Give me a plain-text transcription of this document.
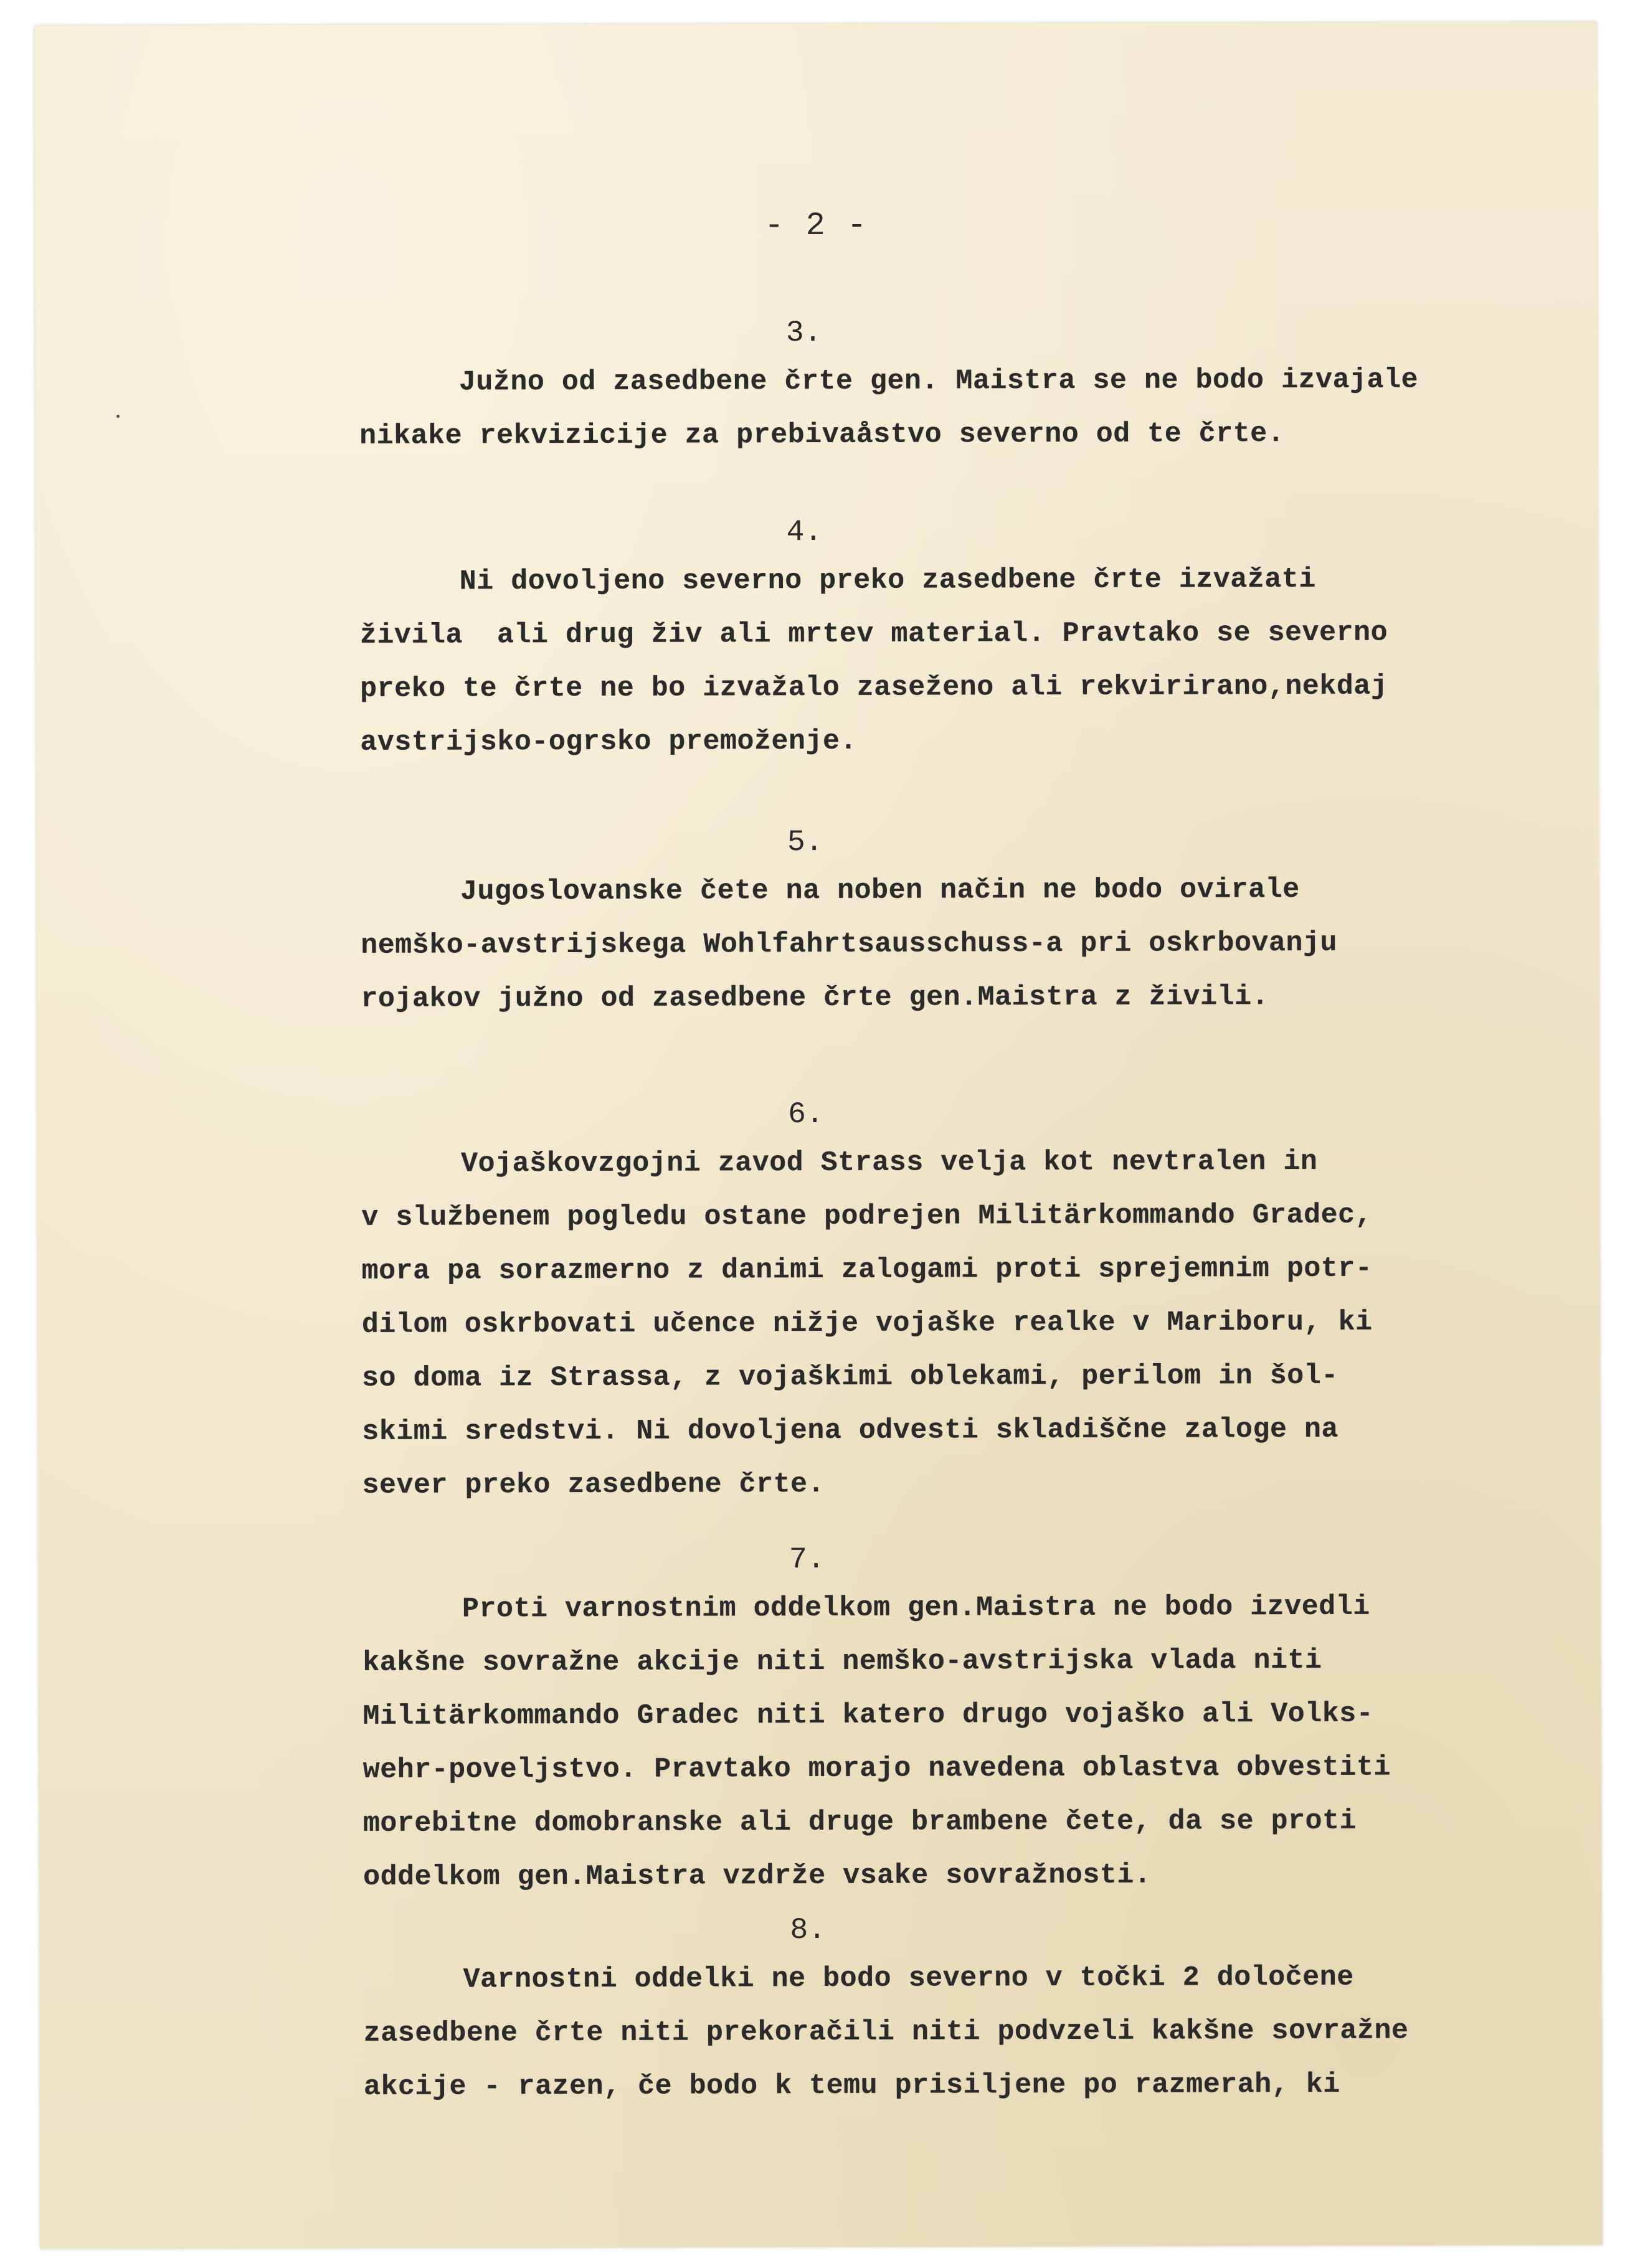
- 2 -
3.
Južno od zasedbene črte gen. Maistra se ne bodo izvajale
nikake rekvizicije za prebivaåstvo severno od te črte.
4.
Ni dovoljeno severno preko zasedbene črte izvažati
živila  ali drug živ ali mrtev material. Pravtako se severno
preko te črte ne bo izvažalo zaseženo ali rekvirirano,nekdaj
avstrijsko-ogrsko premoženje.
5.
Jugoslovanske čete na noben način ne bodo ovirale
nemško-avstrijskega Wohlfahrtsausschuss-a pri oskrbovanju
rojakov južno od zasedbene črte gen.Maistra z živili.
6.
Vojaškovzgojni zavod Strass velja kot nevtralen in
v službenem pogledu ostane podrejen Militärkommando Gradec,
mora pa sorazmerno z danimi zalogami proti sprejemnim potr-
dilom oskrbovati učence nižje vojaške realke v Mariboru, ki
so doma iz Strassa, z vojaškimi oblekami, perilom in šol-
skimi sredstvi. Ni dovoljena odvesti skladiščne zaloge na
sever preko zasedbene črte.
7.
Proti varnostnim oddelkom gen.Maistra ne bodo izvedli
kakšne sovražne akcije niti nemško-avstrijska vlada niti
Militärkommando Gradec niti katero drugo vojaško ali Volks-
wehr-poveljstvo. Pravtako morajo navedena oblastva obvestiti
morebitne domobranske ali druge brambene čete, da se proti
oddelkom gen.Maistra vzdrže vsake sovražnosti.
8.
Varnostni oddelki ne bodo severno v točki 2 določene
zasedbene črte niti prekoračili niti podvzeli kakšne sovražne
akcije - razen, če bodo k temu prisiljene po razmerah, ki
